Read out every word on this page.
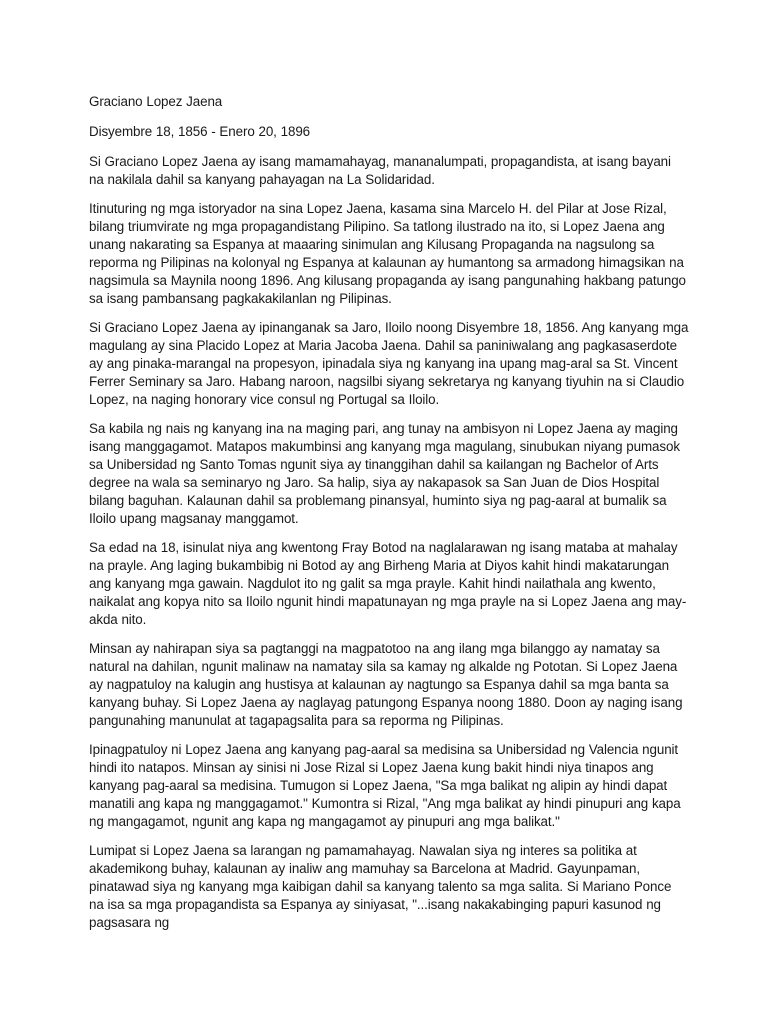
Graciano Lopez Jaena

Disyembre 18, 1856 - Enero 20, 1896

Si Graciano Lopez Jaena ay isang mamamahayag, mananalumpati, propagandista, at isang bayani na nakilala dahil sa kanyang pahayagan na La Solidaridad.

Itinuturing ng mga istoryador na sina Lopez Jaena, kasama sina Marcelo H. del Pilar at Jose Rizal, bilang triumvirate ng mga propagandistang Pilipino. Sa tatlong ilustrado na ito, si Lopez Jaena ang unang nakarating sa Espanya at maaaring sinimulan ang Kilusang Propaganda na nagsulong sa reporma ng Pilipinas na kolonyal ng Espanya at kalaunan ay humantong sa armadong himagsikan na nagsimula sa Maynila noong 1896. Ang kilusang propaganda ay isang pangunahing hakbang patungo sa isang pambansang pagkakakilanlan ng Pilipinas.

Si Graciano Lopez Jaena ay ipinanganak sa Jaro, Iloilo noong Disyembre 18, 1856. Ang kanyang mga magulang ay sina Placido Lopez at Maria Jacoba Jaena. Dahil sa paniniwalang ang pagkasaserdote ay ang pinaka-marangal na propesyon, ipinadala siya ng kanyang ina upang mag-aral sa St. Vincent Ferrer Seminary sa Jaro. Habang naroon, nagsilbi siyang sekretarya ng kanyang tiyuhin na si Claudio Lopez, na naging honorary vice consul ng Portugal sa Iloilo.

Sa kabila ng nais ng kanyang ina na maging pari, ang tunay na ambisyon ni Lopez Jaena ay maging isang manggagamot. Matapos makumbinsi ang kanyang mga magulang, sinubukan niyang pumasok sa Unibersidad ng Santo Tomas ngunit siya ay tinanggihan dahil sa kailangan ng Bachelor of Arts degree na wala sa seminaryo ng Jaro. Sa halip, siya ay nakapasok sa San Juan de Dios Hospital bilang baguhan. Kalaunan dahil sa problemang pinansyal, huminto siya ng pag-aaral at bumalik sa Iloilo upang magsanay manggamot.

Sa edad na 18, isinulat niya ang kwentong Fray Botod na naglalarawan ng isang mataba at mahalay na prayle. Ang laging bukambibig ni Botod ay ang Birheng Maria at Diyos kahit hindi makatarungan ang kanyang mga gawain. Nagdulot ito ng galit sa mga prayle. Kahit hindi nailathala ang kwento, naikalat ang kopya nito sa Iloilo ngunit hindi mapatunayan ng mga prayle na si Lopez Jaena ang may-akda nito.

Minsan ay nahirapan siya sa pagtanggi na magpatotoo na ang ilang mga bilanggo ay namatay sa natural na dahilan, ngunit malinaw na namatay sila sa kamay ng alkalde ng Pototan. Si Lopez Jaena ay nagpatuloy na kalugin ang hustisya at kalaunan ay nagtungo sa Espanya dahil sa mga banta sa kanyang buhay. Si Lopez Jaena ay naglayag patungong Espanya noong 1880. Doon ay naging isang pangunahing manunulat at tagapagsalita para sa reporma ng Pilipinas.

Ipinagpatuloy ni Lopez Jaena ang kanyang pag-aaral sa medisina sa Unibersidad ng Valencia ngunit hindi ito natapos. Minsan ay sinisi ni Jose Rizal si Lopez Jaena kung bakit hindi niya tinapos ang kanyang pag-aaral sa medisina. Tumugon si Lopez Jaena, "Sa mga balikat ng alipin ay hindi dapat manatili ang kapa ng manggagamot." Kumontra si Rizal, "Ang mga balikat ay hindi pinupuri ang kapa ng mangagamot, ngunit ang kapa ng mangagamot ay pinupuri ang mga balikat."

Lumipat si Lopez Jaena sa larangan ng pamamahayag. Nawalan siya ng interes sa politika at akademikong buhay, kalaunan ay inaliw ang mamuhay sa Barcelona at Madrid. Gayunpaman, pinatawad siya ng kanyang mga kaibigan dahil sa kanyang talento sa mga salita. Si Mariano Ponce na isa sa mga propagandista sa Espanya ay siniyasat, "...isang nakakabinging papuri kasunod ng pagsasara ng
